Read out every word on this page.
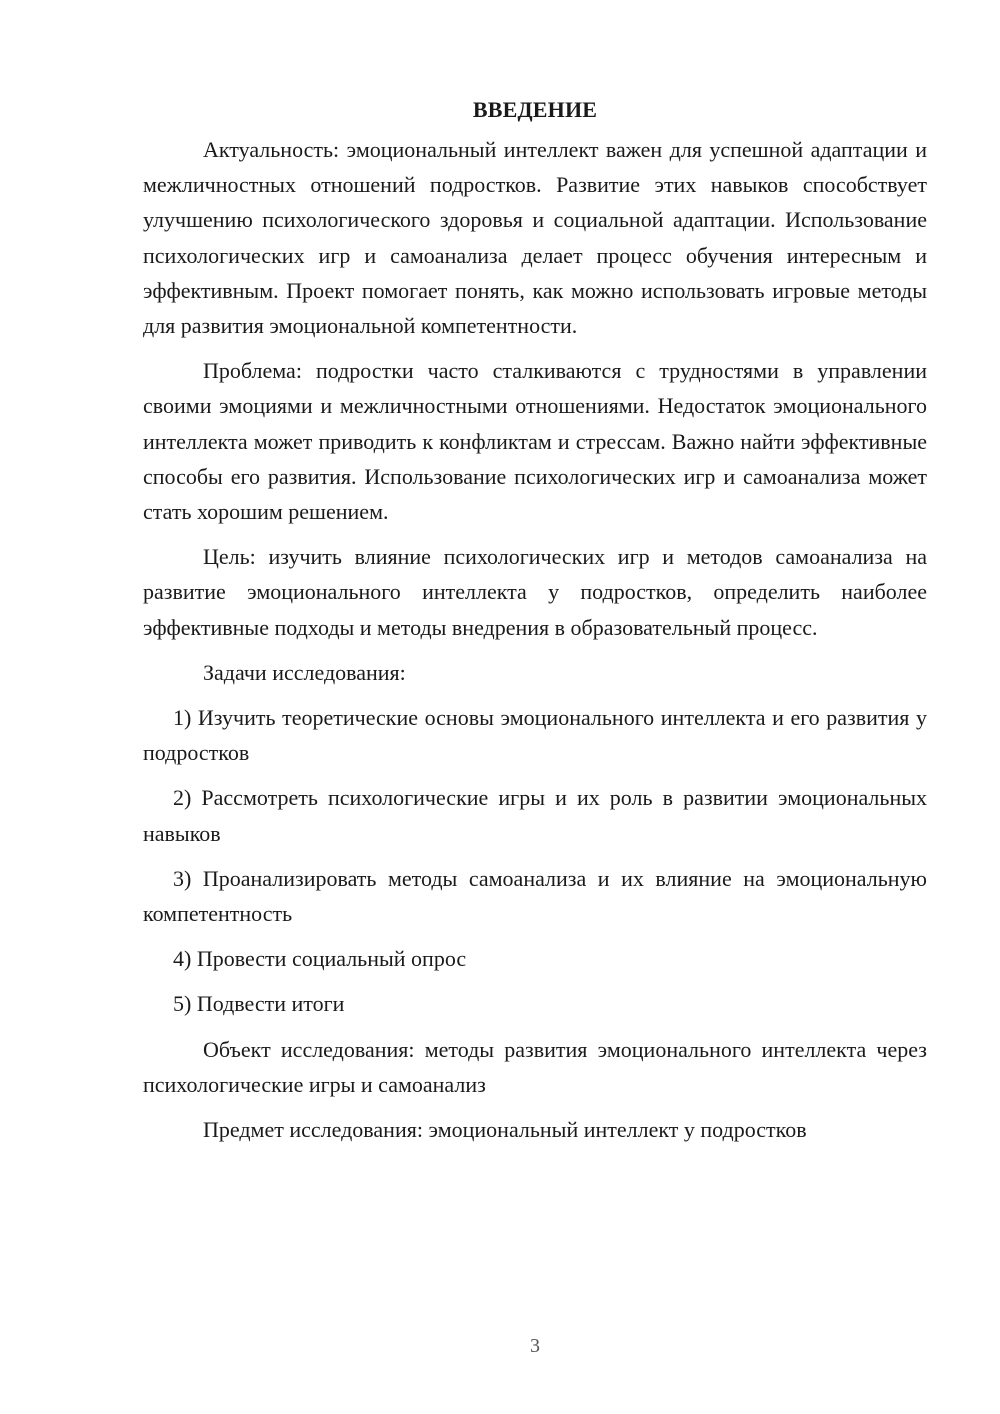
ВВЕДЕНИЕ

Актуальность: эмоциональный интеллект важен для успешной адаптации и межличностных отношений подростков. Развитие этих навыков способствует улучшению психологического здоровья и социальной адаптации. Использование психологических игр и самоанализа делает процесс обучения интересным и эффективным. Проект помогает понять, как можно использовать игровые методы для развития эмоциональной компетентности.

Проблема: подростки часто сталкиваются с трудностями в управлении своими эмоциями и межличностными отношениями. Недостаток эмоционального интеллекта может приводить к конфликтам и стрессам. Важно найти эффективные способы его развития. Использование психологических игр и самоанализа может стать хорошим решением.

Цель: изучить влияние психологических игр и методов самоанализа на развитие эмоционального интеллекта у подростков, определить наиболее эффективные подходы и методы внедрения в образовательный процесс.

Задачи исследования:

1) Изучить теоретические основы эмоционального интеллекта и его развития у подростков

2) Рассмотреть психологические игры и их роль в развитии эмоциональных навыков

3) Проанализировать методы самоанализа и их влияние на эмоциональную компетентность

4) Провести социальный опрос

5) Подвести итоги

Объект исследования: методы развития эмоционального интеллекта через психологические игры и самоанализ

Предмет исследования: эмоциональный интеллект у подростков

3
